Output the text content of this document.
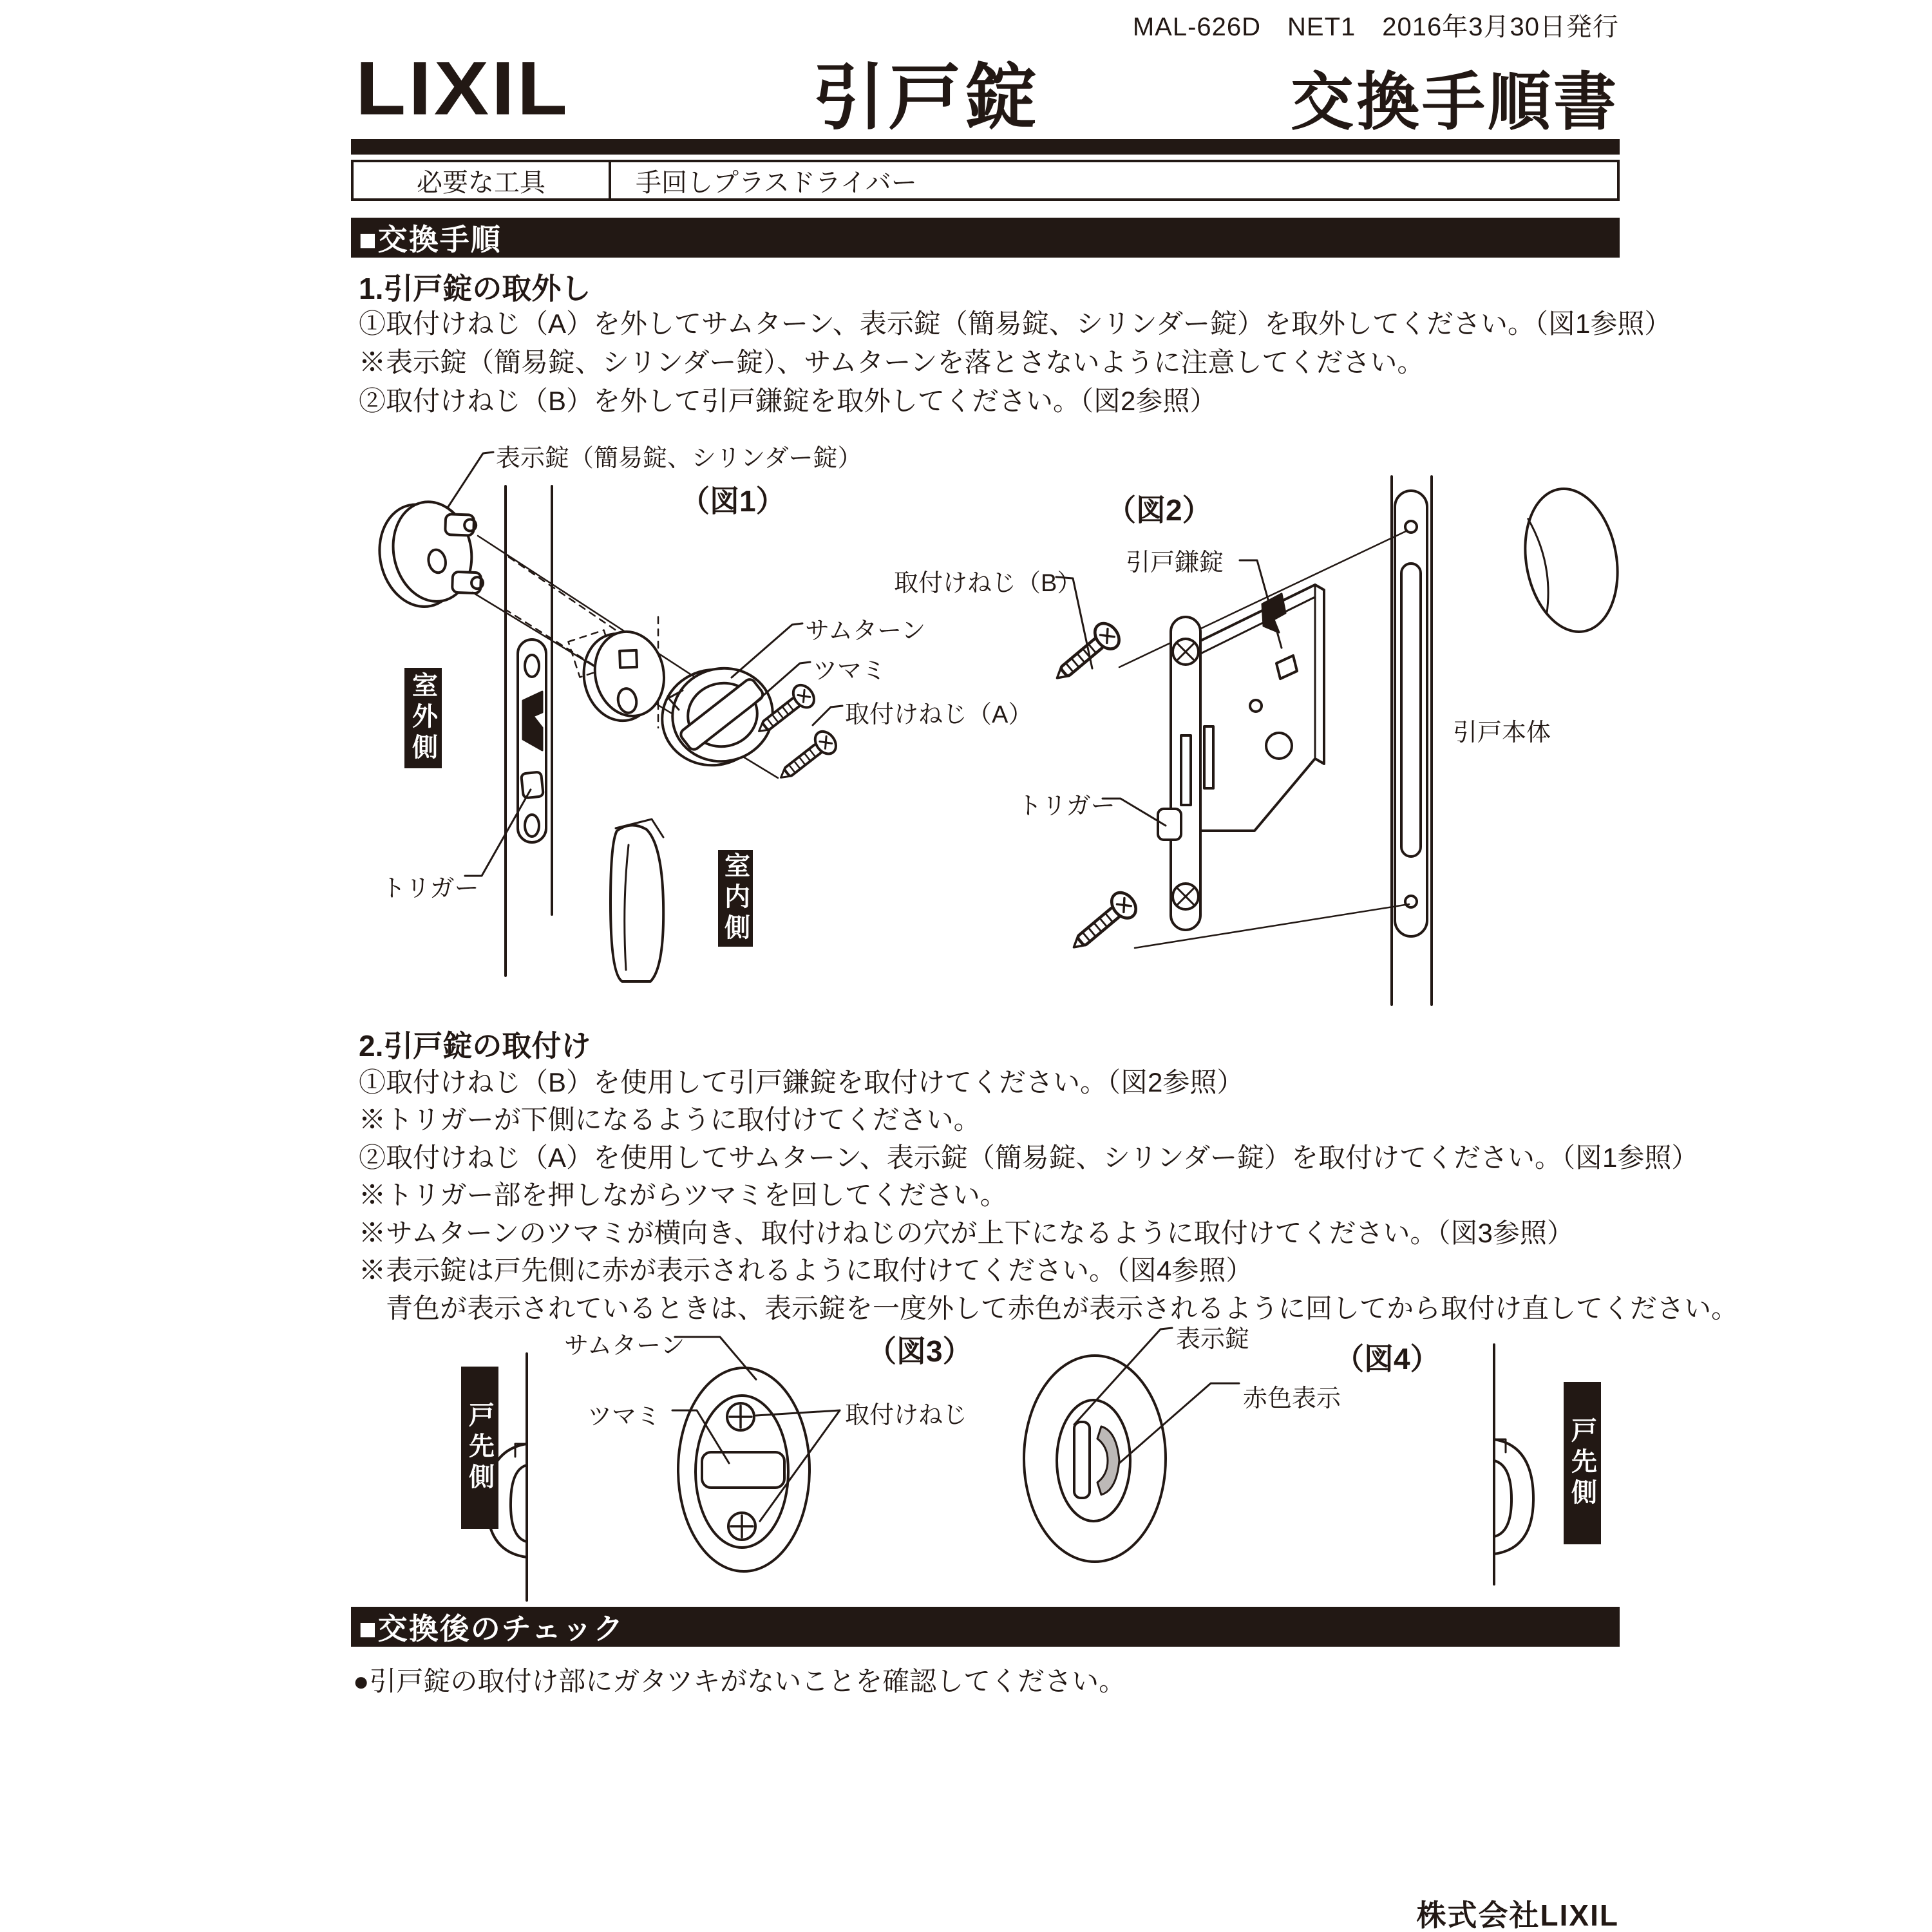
MAL-626D　NET1　2016年3月30日発行
LIXIL	引戸錠	交換手順書
必要な工具	手回しプラスドライバー
■交換手順
1.引戸錠の取外し
①取付けねじ（A）を外してサムターン、表示錠（簡易錠、シリンダー錠）を取外してください。（図1参照）
※表示錠（簡易錠、シリンダー錠）、サムターンを落とさないように注意してください。
②取付けねじ（B）を外して引戸鎌錠を取外してください。（図2参照）
表示錠（簡易錠、シリンダー錠）
（図1）
サムターン
ツマミ
取付けねじ（A）
トリガー
室外側
室内側
（図2）
引戸鎌錠
取付けねじ（B）
トリガー
引戸本体
2.引戸錠の取付け
①取付けねじ（B）を使用して引戸鎌錠を取付けてください。（図2参照）
※トリガーが下側になるように取付けてください。
②取付けねじ（A）を使用してサムターン、表示錠（簡易錠、シリンダー錠）を取付けてください。（図1参照）
※トリガー部を押しながらツマミを回してください。
※サムターンのツマミが横向き、取付けねじの穴が上下になるように取付けてください。（図3参照）
※表示錠は戸先側に赤が表示されるように取付けてください。（図4参照）
　青色が表示されているときは、表示錠を一度外して赤色が表示されるように回してから取付け直してください。
サムターン	（図3）
ツマミ	取付けねじ
戸先側
表示錠
（図4）
赤色表示
戸先側
■交換後のチェック
●引戸錠の取付け部にガタツキがないことを確認してください。
株式会社LIXIL
